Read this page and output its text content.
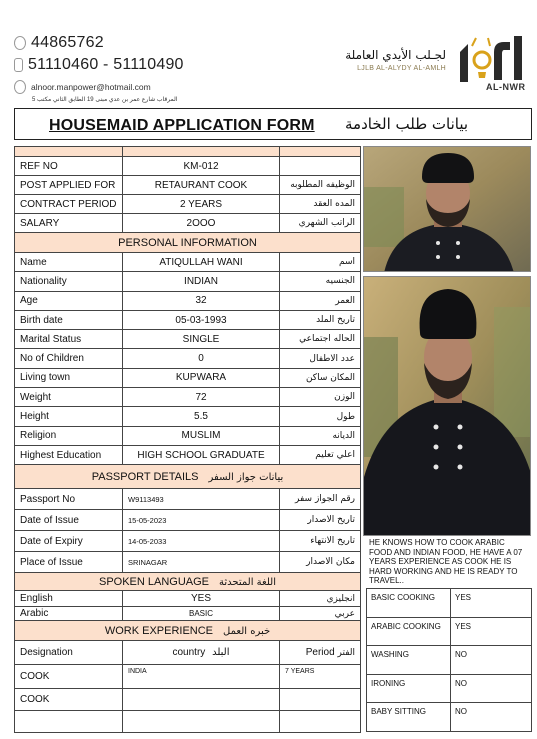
44865762
51110460 - 51110490
alnoor.manpower@hotmail.com
المرقاب شارع عمر بن عدي مبنى 19 الطابق الثاني مكتب 5
لجـلب الأيدي العاملة
LJLB AL-ALYDY AL-AMLH
AL-NWR
HOUSEMAID APPLICATION FORM بيانات طلب الخادمة

REF NO	KM-012	
POST APPLIED FOR	RETAURANT COOK	الوظيفه المطلوبه
CONTRACT PERIOD	2 YEARS	المده العقد
SALARY	2OOO	الراتب الشهري
PERSONAL INFORMATION		
Name	ATIQULLAH WANI	اسم
Nationality	INDIAN	الجنسيه
Age	32	العمر
Birth date	05-03-1993	تاريخ الملد
Marital Status	SINGLE	الحاله اجتماعي
No of Children	0	عدد الاطفال
Living town	KUPWARA	المكان ساكن
Weight	72	الوزن
Height	5.5	طول
Religion	MUSLIM	الديانه
Highest Education	HIGH SCHOOL GRADUATE	اعلي تعليم
PASSPORT DETAILS بيانات جواز السفر		
Passport No	W9113493	رقم الجواز سفر
Date of Issue	15-05-2023	تاريخ الاصدار
Date of Expiry	14-05-2033	تاريخ الانتهاء
Place of Issue	SRINAGAR	مكان الاصدار
SPOKEN LANGUAGE اللغة المتحدثة		
English	YES	انجليزي
Arabic	BASIC	عربي
WORK EXPERIENCE خبره العمل		
Designation	country البلد	Period الفتر
COOK	INDIA	7 YEARS
COOK		

HE KNOWS HOW TO COOK ARABIC FOOD AND INDIAN FOOD, HE HAVE A 07 YEARS EXPERIENCE AS COOK HE IS HARD WORKING AND HE IS READY TO TRAVEL..
BASIC COOKING	YES
ARABIC COOKING	YES
WASHING	NO
IRONING	NO
BABY SITTING	NO
